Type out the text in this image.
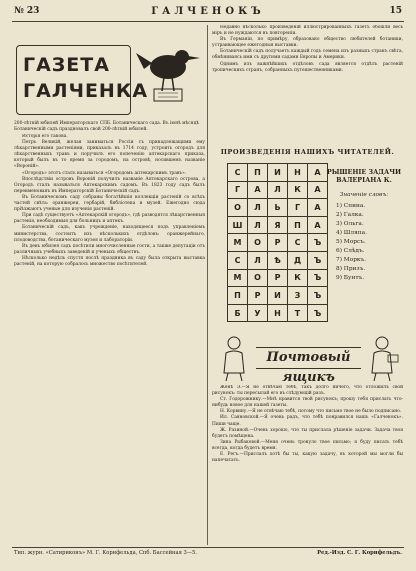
№ 23	ГАЛЧЕНОКЪ	15
ГАЗЕТА
ГАЛЧЕНКА
200-лѣтній юбилей Императорскаго СПБ. Ботаническаго сада. Въ іюнѣ мѣсяцѣ Ботаническій садъ праздновалъ свой 200-лѣтній юбилей.

Исторія его такова.

Петръ Великій, желая заниматься Россіи съ принадлежащими ему лѣкарственными растеніями, приказалъ въ 1714 году, устроить огородъ для лѣкарственныхъ травъ и поручилъ его попеченію аптекарскаго приказа, который былъ въ то время за городомъ, на островѣ, носившемъ названіе «Вороній».

«Огородъ» этотъ сталъ называться «Огородомъ аптекарскимъ травъ».

Впослѣдствіи островъ Вороній получилъ названіе Аптекарскаго острова, а Огородъ сталъ называться Аптекарскимъ садомъ. Въ 1823 году садъ былъ переименованъ въ Императорскій Ботаническій садъ.

Въ Ботаническомъ саду собраны богатѣйшія коллекціи растеній со всѣхъ частей свѣта: оранжереи, гербарій, библіотека и музей. Ежегодно сюда пріѣзжаютъ ученые для изученія растеній.

При садѣ существуетъ «Аптекарскій огородъ», гдѣ разводятся лѣкарственныя растенія, необходимыя для больницъ и аптекъ.

Ботаническій садъ, какъ учрежденіе, находящееся подъ управленіемъ министерства, состоитъ изъ нѣсколькихъ отдѣловъ: оранжерейнаго, плодоводства, ботаническаго музея и лабораторіи.

Въ день юбилея садъ посѣтили многочисленные гости, а также депутаціи отъ различныхъ учебныхъ заведеній и ученыхъ обществъ.

Нѣсколько недѣль спустя послѣ праздника въ саду была открыта выставка растеній, на которую собралось множество посѣтителей.

Недавно нѣсколько произведеній иллюстрированныхъ газетъ обошли весь міръ и не нуждаются въ повтореніи.

Въ Германіи, по примѣру, образовано общество любителей ботаники, устраивающее ежегодныя выставки.

Ботаническій садъ получаетъ каждый годъ семена изъ разныхъ странъ свѣта, обмѣниваясь ими съ другими садами Европы и Америки.

Однимъ изъ важнѣйшихъ отдѣловъ сада является отдѣлъ растеній тропическихъ странъ, собранныхъ путешественниками.

ПРОИЗВЕДЕНІЯ НАШИХЪ ЧИТАТЕЛЕЙ.
С	П	И	Н	А
Г	А	Л	К	А
О	Л	Ь	Г	А
Ш	Л	Я	П	А
М	О	Р	С	Ъ
С	Л	Ѣ	Д	Ъ
М	О	Р	К	Ъ
П	Р	И	З	Ъ
Б	У	Н	Т	Ъ
РЫШЕНІЕ ЗАДАЧИ ВАЛЕРІАНА К.
Значеніе словъ:
1) Спина.
2) Галка.
3) Ольга.
4) Шляпа.
5) Морсъ.
6) Слѣдъ.
7) Моркъ.
8) Призъ.
9) Бунтъ.
Почтовый ящикъ

Женѣ Э.—Я не отвѣчаю тебѣ, такъ долго ничего, что отложилъ свой рисунокъ: ты пересылай его въ слѣдующій разъ.

Ст. Годорожнику.—Мнѣ нравится твой рисунокъ; прошу тебя прислать что-нибудь новое для нашей газеты.

Н. Корвину.—Я не отвѣчаю тебѣ, потому что письмо твое не было подписано.

Ил. Саяновской.—Я очень радъ, что тебѣ понравился нашъ «Галченокъ». Пиши чаще.

Ж. Разиной.—Очень хорошо, что ты прислала рѣшеніе задачи. Задача твоя будетъ помѣщена.

Зина Рыбаковой.—Меня очень тронуло твое письмо; я буду писать тебѣ всегда, когда будетъ время.

Е. Регъ.—Прислалъ хотѣ бы ты, какую задачу, въ которой мы могли бы напечатать.

Тип. журн. «Сатириконъ» М. Г. Корнфельда, Спб. Бассейная 3—5.	Ред.-Изд. С. Г. Корнфельдъ.
